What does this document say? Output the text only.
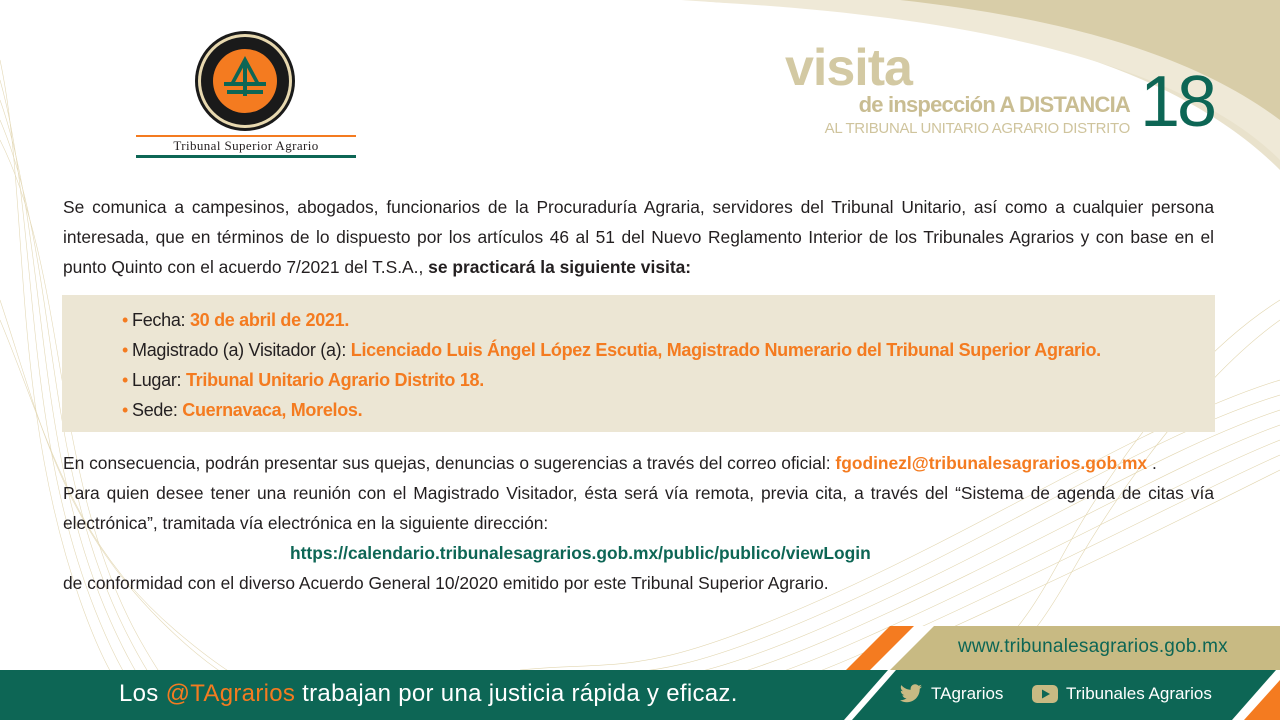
Tribunal Superior Agrario
visita
de inspección A DISTANCIA
AL TRIBUNAL UNITARIO AGRARIO DISTRITO 18
Se comunica a campesinos, abogados, funcionarios de la Procuraduría Agraria, servidores del Tribunal Unitario, así como a cualquier persona interesada, que en términos de lo dispuesto por los artículos 46 al 51 del Nuevo Reglamento Interior de los Tribunales Agrarios y con base en el punto Quinto con el acuerdo 7/2021 del T.S.A., se practicará la siguiente visita:
• Fecha: 30 de abril de 2021.
• Magistrado (a) Visitador (a): Licenciado Luis Ángel López Escutia, Magistrado Numerario del Tribunal Superior Agrario.
• Lugar: Tribunal Unitario Agrario Distrito 18.
• Sede: Cuernavaca, Morelos.
En consecuencia, podrán presentar sus quejas, denuncias o sugerencias a través del correo oficial: fgodinezl@tribunalesagrarios.gob.mx .
Para quien desee tener una reunión con el Magistrado Visitador, ésta será vía remota, previa cita, a través del “Sistema de agenda de citas vía electrónica”, tramitada vía electrónica en la siguiente dirección:
https://calendario.tribunalesagrarios.gob.mx/public/publico/viewLogin
de conformidad con el diverso Acuerdo General 10/2020 emitido por este Tribunal Superior Agrario.
www.tribunalesagrarios.gob.mx
Los @TAgrarios trabajan por una justicia rápida y eficaz.	TAgrarios	Tribunales Agrarios
